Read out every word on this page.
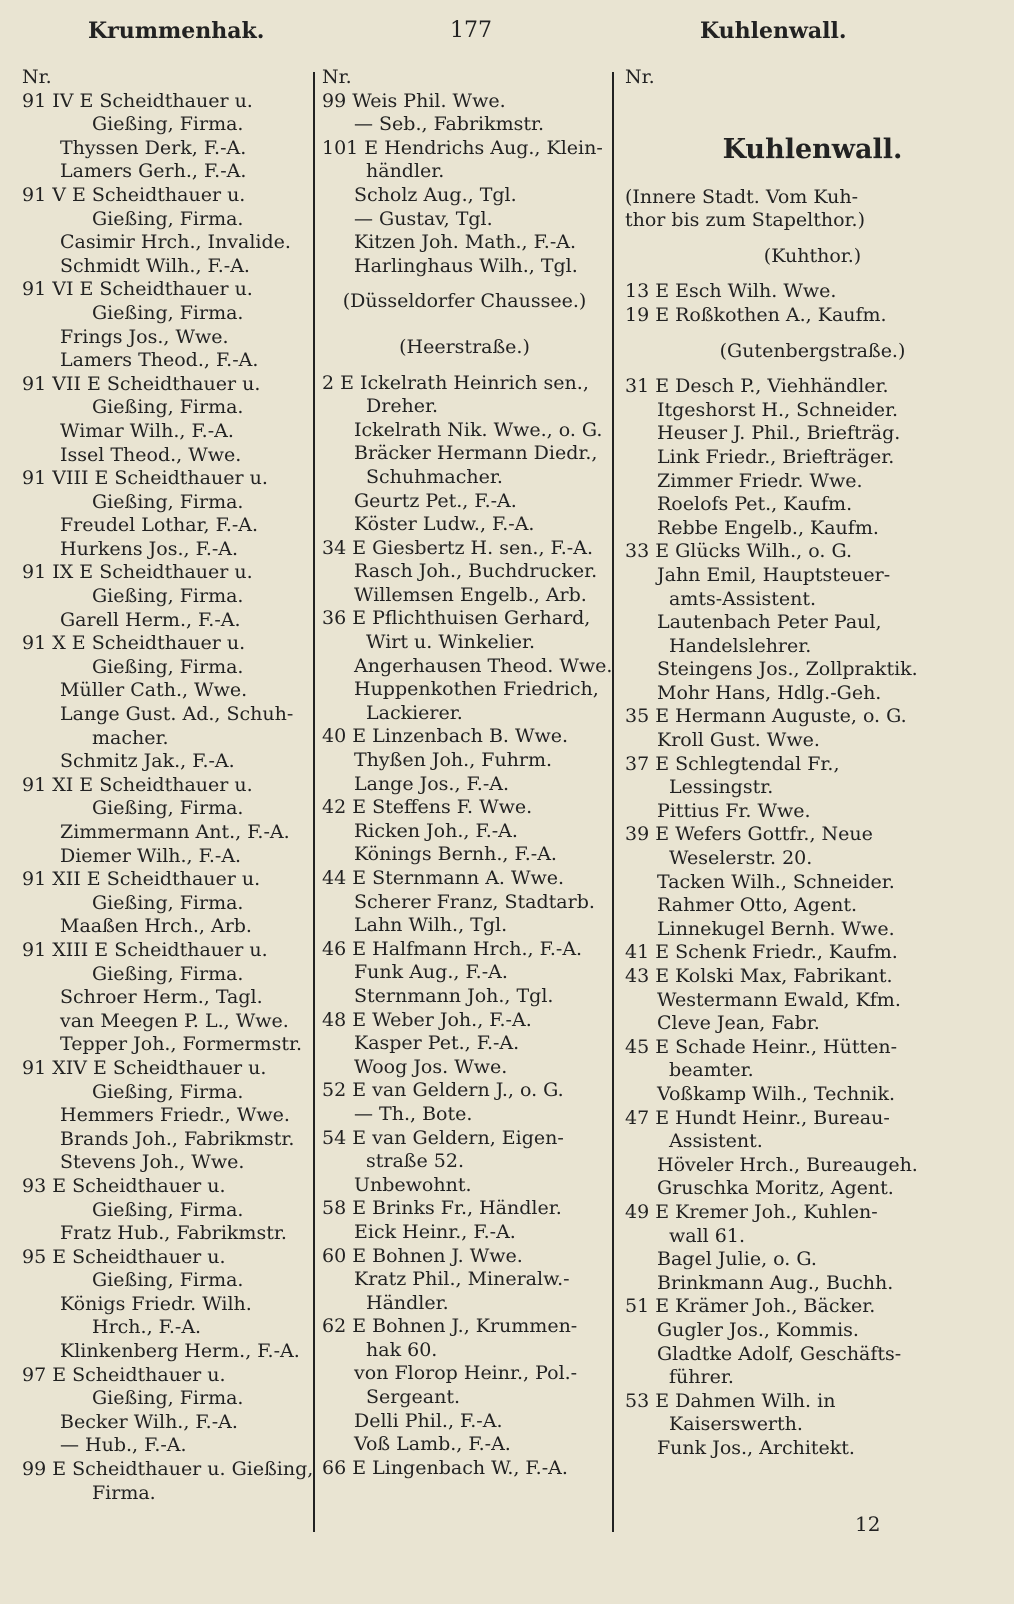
Krummenhak.	177	Kuhlenwall.
Nr.
91 IV E Scheidthauer u.
Gießing, Firma.
Thyssen Derk, F.-A.
Lamers Gerh., F.-A.
91 V E Scheidthauer u.
Gießing, Firma.
Casimir Hrch., Invalide.
Schmidt Wilh., F.-A.
91 VI E Scheidthauer u.
Gießing, Firma.
Frings Jos., Wwe.
Lamers Theod., F.-A.
91 VII E Scheidthauer u.
Gießing, Firma.
Wimar Wilh., F.-A.
Issel Theod., Wwe.
91 VIII E Scheidthauer u.
Gießing, Firma.
Freudel Lothar, F.-A.
Hurkens Jos., F.-A.
91 IX E Scheidthauer u.
Gießing, Firma.
Garell Herm., F.-A.
91 X E Scheidthauer u.
Gießing, Firma.
Müller Cath., Wwe.
Lange Gust. Ad., Schuh-
macher.
Schmitz Jak., F.-A.
91 XI E Scheidthauer u.
Gießing, Firma.
Zimmermann Ant., F.-A.
Diemer Wilh., F.-A.
91 XII E Scheidthauer u.
Gießing, Firma.
Maaßen Hrch., Arb.
91 XIII E Scheidthauer u.
Gießing, Firma.
Schroer Herm., Tagl.
van Meegen P. L., Wwe.
Tepper Joh., Formermstr.
91 XIV E Scheidthauer u.
Gießing, Firma.
Hemmers Friedr., Wwe.
Brands Joh., Fabrikmstr.
Stevens Joh., Wwe.
93 E Scheidthauer u.
Gießing, Firma.
Fratz Hub., Fabrikmstr.
95 E Scheidthauer u.
Gießing, Firma.
Königs Friedr. Wilh.
Hrch., F.-A.
Klinkenberg Herm., F.-A.
97 E Scheidthauer u.
Gießing, Firma.
Becker Wilh., F.-A.
— Hub., F.-A.
99 E Scheidthauer u. Gießing,
Firma.
Nr.
99 Weis Phil. Wwe.
— Seb., Fabrikmstr.
101 E Hendrichs Aug., Klein-
händler.
Scholz Aug., Tgl.
— Gustav, Tgl.
Kitzen Joh. Math., F.-A.
Harlinghaus Wilh., Tgl.
(Düsseldorfer Chaussee.)
(Heerstraße.)
2 E Ickelrath Heinrich sen.,
Dreher.
Ickelrath Nik. Wwe., o. G.
Bräcker Hermann Diedr.,
Schuhmacher.
Geurtz Pet., F.-A.
Köster Ludw., F.-A.
34 E Giesbertz H. sen., F.-A.
Rasch Joh., Buchdrucker.
Willemsen Engelb., Arb.
36 E Pflichthuisen Gerhard,
Wirt u. Winkelier.
Angerhausen Theod. Wwe.
Huppenkothen Friedrich,
Lackierer.
40 E Linzenbach B. Wwe.
Thyßen Joh., Fuhrm.
Lange Jos., F.-A.
42 E Steffens F. Wwe.
Ricken Joh., F.-A.
Könings Bernh., F.-A.
44 E Sternmann A. Wwe.
Scherer Franz, Stadtarb.
Lahn Wilh., Tgl.
46 E Halfmann Hrch., F.-A.
Funk Aug., F.-A.
Sternmann Joh., Tgl.
48 E Weber Joh., F.-A.
Kasper Pet., F.-A.
Woog Jos. Wwe.
52 E van Geldern J., o. G.
— Th., Bote.
54 E van Geldern, Eigen-
straße 52.
Unbewohnt.
58 E Brinks Fr., Händler.
Eick Heinr., F.-A.
60 E Bohnen J. Wwe.
Kratz Phil., Mineralw.-
Händler.
62 E Bohnen J., Krummen-
hak 60.
von Florop Heinr., Pol.-
Sergeant.
Delli Phil., F.-A.
Voß Lamb., F.-A.
66 E Lingenbach W., F.-A.
Nr.
Kuhlenwall.
(Innere Stadt. Vom Kuh-
thor bis zum Stapelthor.)
(Kuhthor.)
13 E Esch Wilh. Wwe.
19 E Roßkothen A., Kaufm.
(Gutenbergstraße.)
31 E Desch P., Viehhändler.
Itgeshorst H., Schneider.
Heuser J. Phil., Briefträg.
Link Friedr., Briefträger.
Zimmer Friedr. Wwe.
Roelofs Pet., Kaufm.
Rebbe Engelb., Kaufm.
33 E Glücks Wilh., o. G.
Jahn Emil, Hauptsteuer-
amts-Assistent.
Lautenbach Peter Paul,
Handelslehrer.
Steingens Jos., Zollpraktik.
Mohr Hans, Hdlg.-Geh.
35 E Hermann Auguste, o. G.
Kroll Gust. Wwe.
37 E Schlegtendal Fr.,
Lessingstr.
Pittius Fr. Wwe.
39 E Wefers Gottfr., Neue
Weselerstr. 20.
Tacken Wilh., Schneider.
Rahmer Otto, Agent.
Linnekugel Bernh. Wwe.
41 E Schenk Friedr., Kaufm.
43 E Kolski Max, Fabrikant.
Westermann Ewald, Kfm.
Cleve Jean, Fabr.
45 E Schade Heinr., Hütten-
beamter.
Voßkamp Wilh., Technik.
47 E Hundt Heinr., Bureau-
Assistent.
Höveler Hrch., Bureaugeh.
Gruschka Moritz, Agent.
49 E Kremer Joh., Kuhlen-
wall 61.
Bagel Julie, o. G.
Brinkmann Aug., Buchh.
51 E Krämer Joh., Bäcker.
Gugler Jos., Kommis.
Gladtke Adolf, Geschäfts-
führer.
53 E Dahmen Wilh. in
Kaiserswerth.
Funk Jos., Architekt.
12
